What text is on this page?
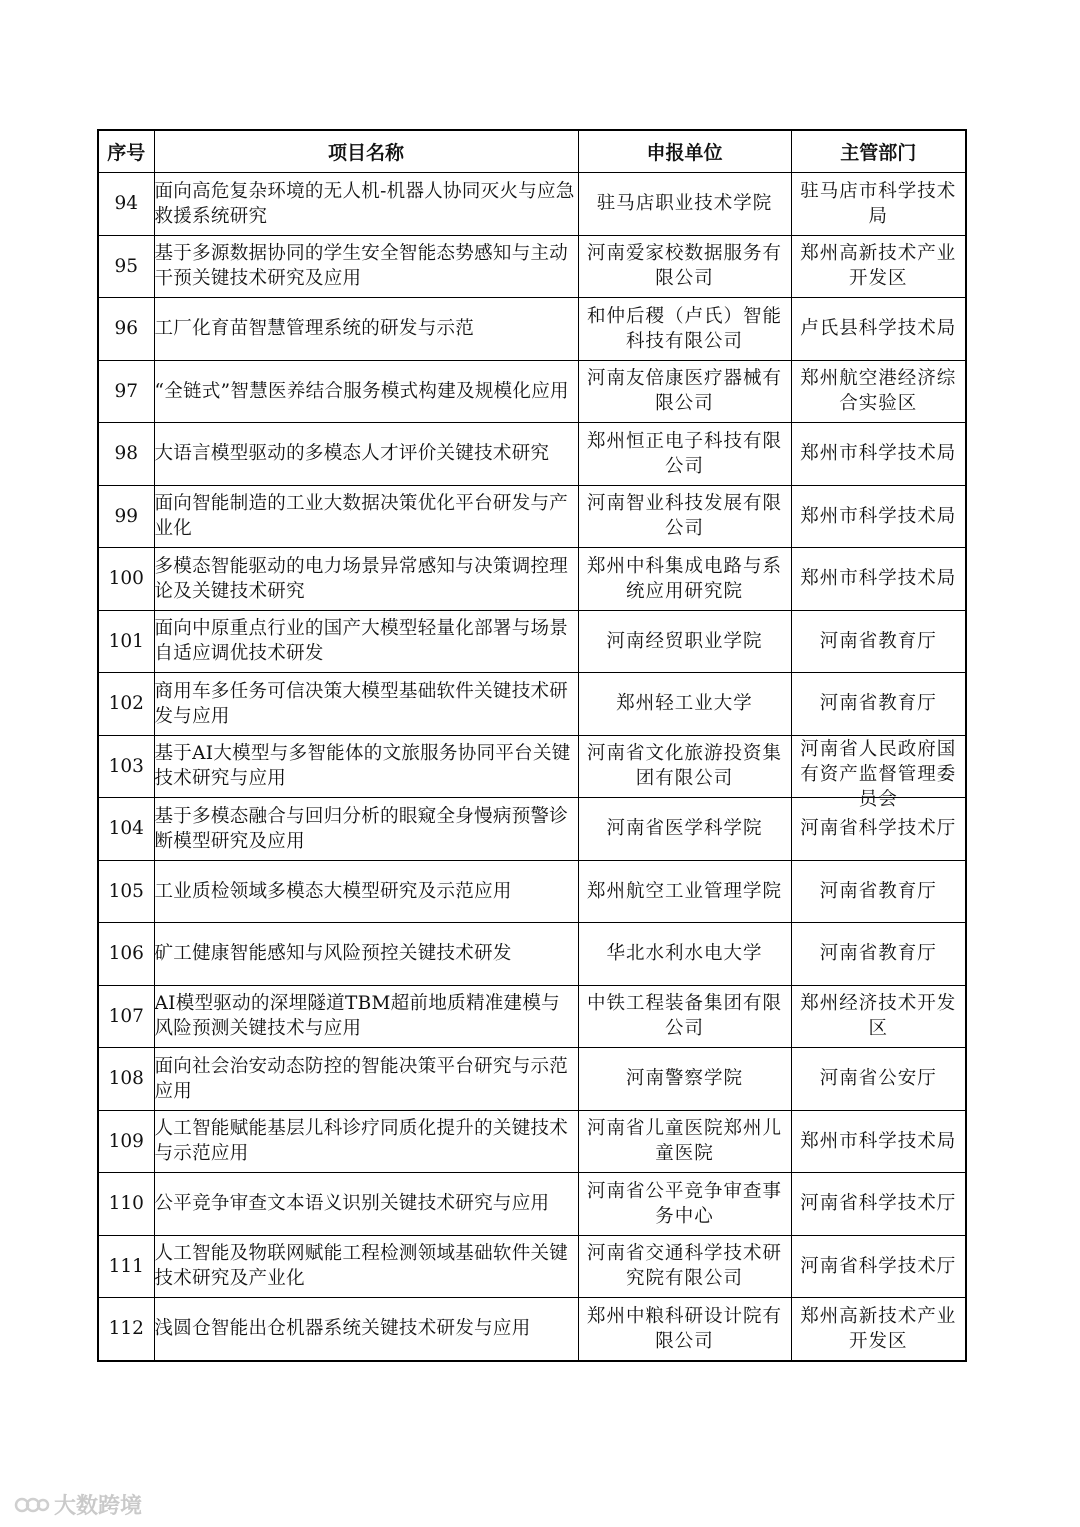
序号	项目名称	申报单位	主管部门
94	面向高危复杂环境的无人机-机器人协同灭火与应急救援系统研究	驻马店职业技术学院	驻马店市科学技术局

95	基于多源数据协同的学生安全智能态势感知与主动干预关键技术研究及应用	河南爱家校数据服务有限公司	郑州高新技术产业开发区

96	工厂化育苗智慧管理系统的研发与示范	和仲后稷（卢氏）智能科技有限公司	卢氏县科学技术局

97	“全链式”智慧医养结合服务模式构建及规模化应用	河南友倍康医疗器械有限公司	郑州航空港经济综合实验区

98	大语言模型驱动的多模态人才评价关键技术研究	郑州恒正电子科技有限公司	郑州市科学技术局

99	面向智能制造的工业大数据决策优化平台研发与产业化	河南智业科技发展有限公司	郑州市科学技术局

100	多模态智能驱动的电力场景异常感知与决策调控理论及关键技术研究	郑州中科集成电路与系统应用研究院	郑州市科学技术局

101	面向中原重点行业的国产大模型轻量化部署与场景自适应调优技术研发	河南经贸职业学院	河南省教育厅

102	商用车多任务可信决策大模型基础软件关键技术研发与应用	郑州轻工业大学	河南省教育厅

103	基于AI大模型与多智能体的文旅服务协同平台关键技术研究与应用	河南省文化旅游投资集团有限公司	河南省人民政府国有资产监督管理委员会

104	基于多模态融合与回归分析的眼窥全身慢病预警诊断模型研究及应用	河南省医学科学院	河南省科学技术厅

105	工业质检领域多模态大模型研究及示范应用	郑州航空工业管理学院	河南省教育厅

106	矿工健康智能感知与风险预控关键技术研发	华北水利水电大学	河南省教育厅

107	AI模型驱动的深埋隧道TBM超前地质精准建模与风险预测关键技术与应用	中铁工程装备集团有限公司	郑州经济技术开发区

108	面向社会治安动态防控的智能决策平台研究与示范应用	河南警察学院	河南省公安厅

109	人工智能赋能基层儿科诊疗同质化提升的关键技术与示范应用	河南省儿童医院郑州儿童医院	郑州市科学技术局

110	公平竞争审查文本语义识别关键技术研究与应用	河南省公平竞争审查事务中心	河南省科学技术厅

111	人工智能及物联网赋能工程检测领域基础软件关键技术研究及产业化	河南省交通科学技术研究院有限公司	河南省科学技术厅

112	浅圆仓智能出仓机器系统关键技术研发与应用	郑州中粮科研设计院有限公司	郑州高新技术产业开发区
大数跨境
